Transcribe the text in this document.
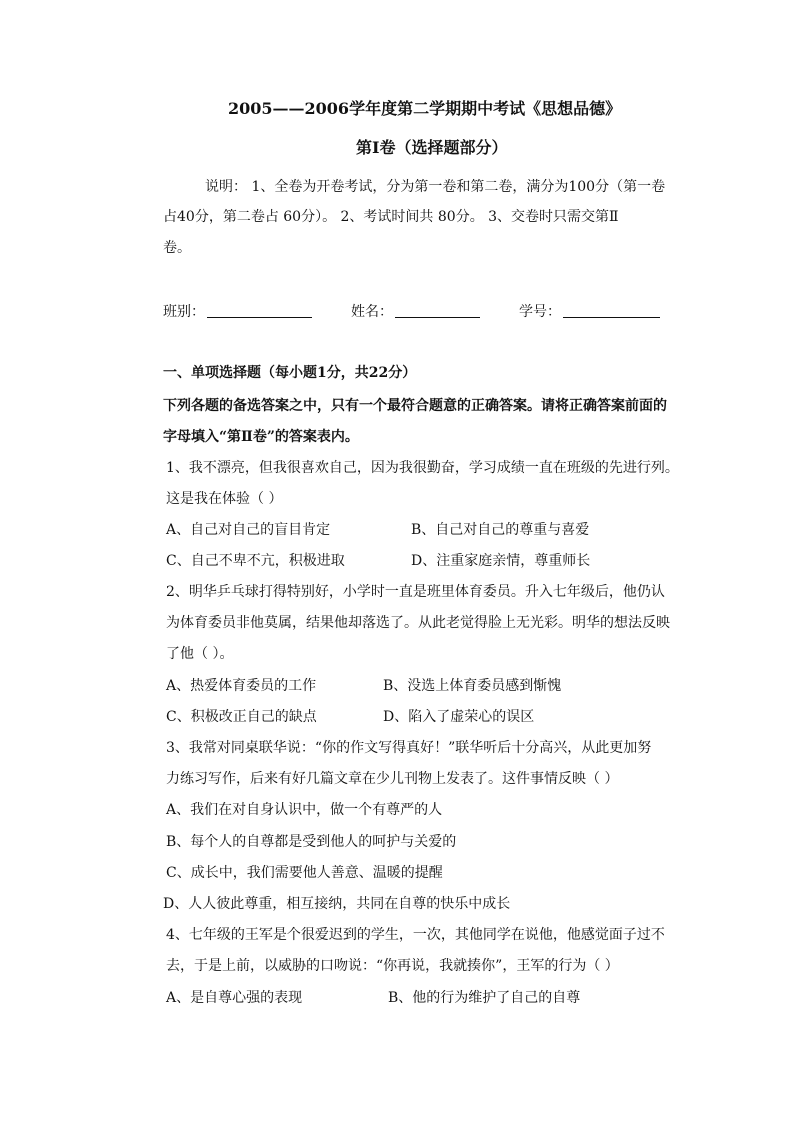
2005——2006学年度第二学期期中考试《思想品德》
第Ⅰ卷（选择题部分）
说明： 1、全卷为开卷考试，分为第一卷和第二卷，满分为100分（第一卷
占40分，第二卷占 60分）。 2、考试时间共 80分。 3、交卷时只需交第Ⅱ
卷。
班别：	姓名：	学号：
一、单项选择题（每小题1分，共22分）
下列各题的备选答案之中，只有一个最符合题意的正确答案。请将正确答案前面的
字母填入“第Ⅱ卷”的答案表内。
1、我不漂亮，但我很喜欢自己，因为我很勤奋，学习成绩一直在班级的先进行列。
这是我在体验（ ）
A、自己对自己的盲目肯定	B、自己对自己的尊重与喜爱
C、自己不卑不亢，积极进取	D、注重家庭亲情，尊重师长
2、明华乒乓球打得特别好，小学时一直是班里体育委员。升入七年级后，他仍认
为体育委员非他莫属，结果他却落选了。从此老觉得脸上无光彩。明华的想法反映
了他（ ）。
A、热爱体育委员的工作	B、没选上体育委员感到惭愧
C、积极改正自己的缺点	D、陷入了虚荣心的误区
3、我常对同桌联华说：“你的作文写得真好！”联华听后十分高兴，从此更加努
力练习写作，后来有好几篇文章在少儿刊物上发表了。这件事情反映（ ）
A、我们在对自身认识中，做一个有尊严的人
B、每个人的自尊都是受到他人的呵护与关爱的
C、成长中，我们需要他人善意、温暖的提醒
D、人人彼此尊重，相互接纳，共同在自尊的快乐中成长
4、七年级的王军是个很爱迟到的学生，一次，其他同学在说他，他感觉面子过不
去，于是上前，以威胁的口吻说：“你再说，我就揍你”，王军的行为（ ）
A、是自尊心强的表现	B、他的行为维护了自己的自尊
